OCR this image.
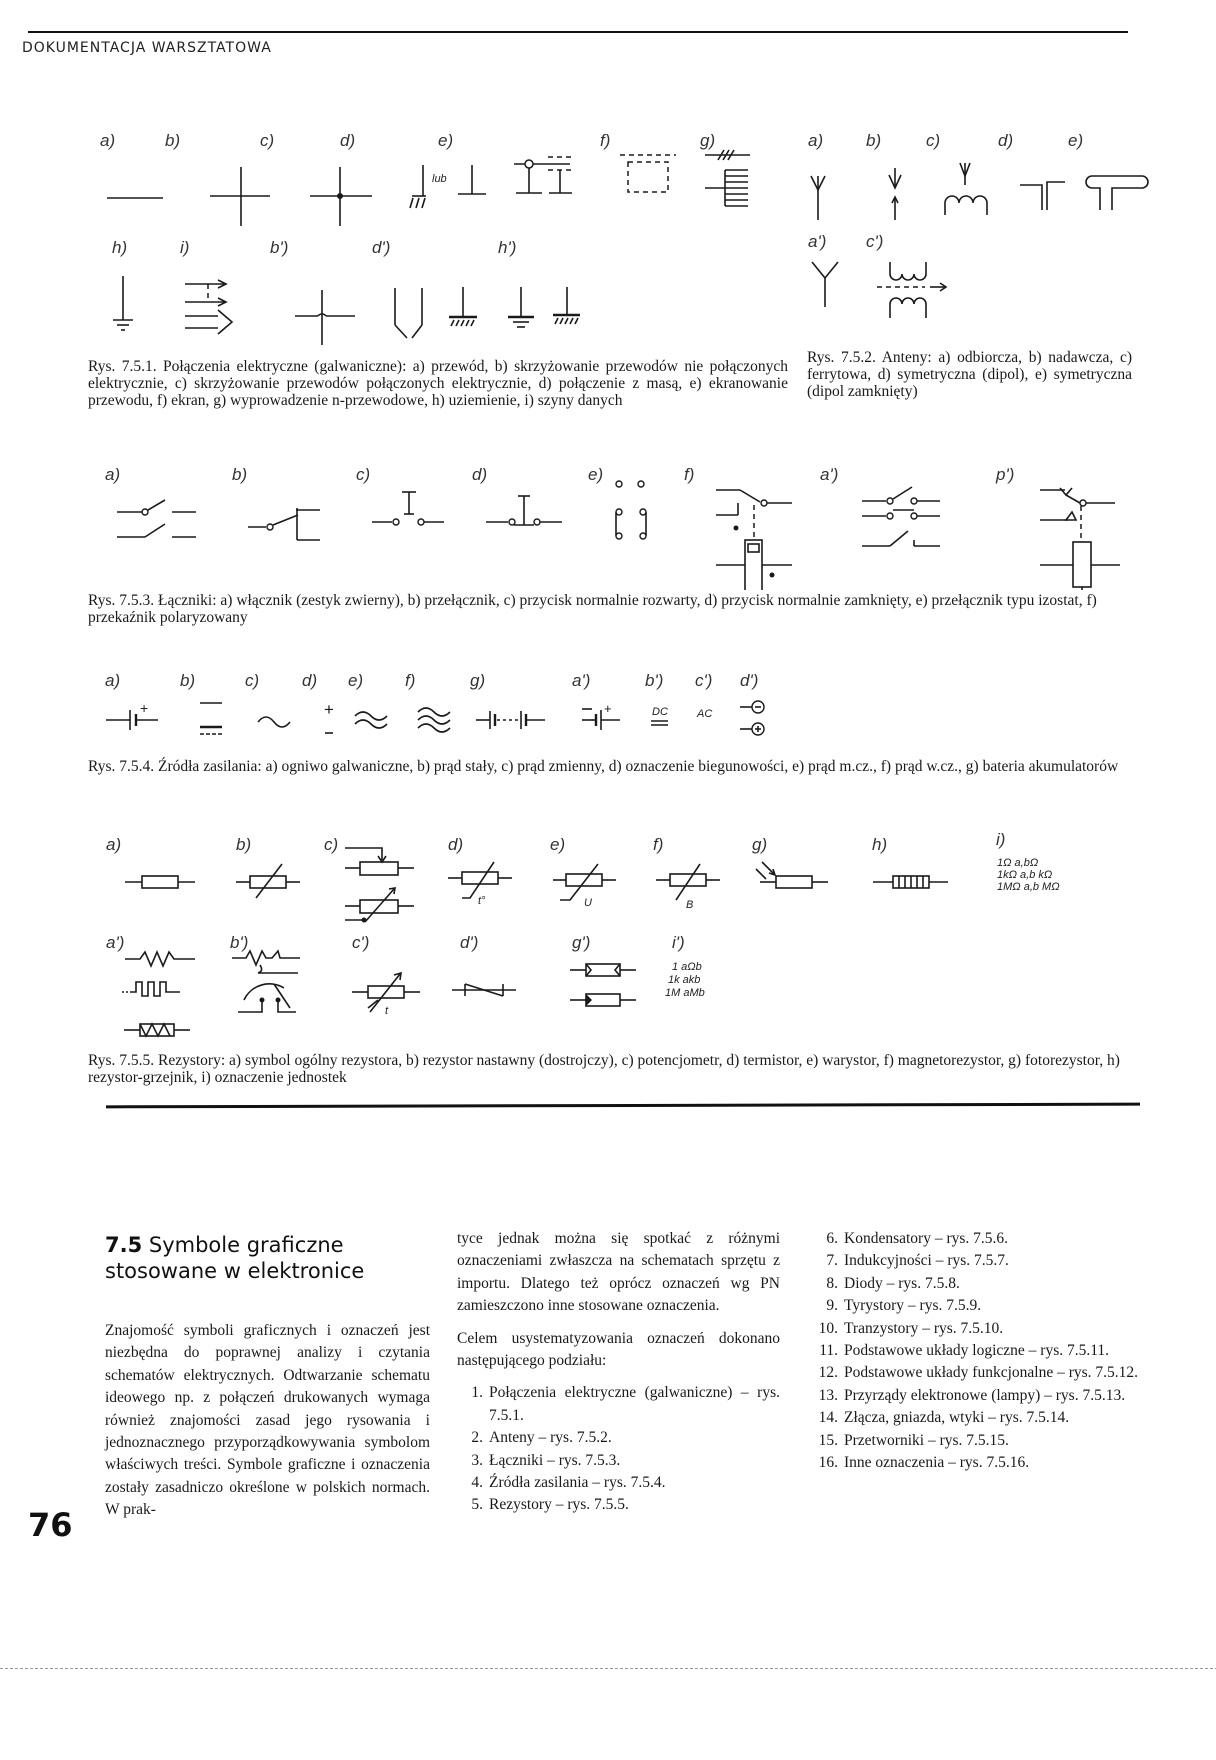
DOKUMENTACJA WARSZTATOWA
a)	b)	c)	d)	e)	f)	g)
lub
h)	i)	b')	d')	h')
a)	b)	c)	d)	e)
a') c')
Rys. 7.5.1. Połączenia elektryczne (galwaniczne): a) przewód, b) skrzyżowanie przewodów nie połączonych elektrycznie, c) skrzyżowanie przewodów połączonych elektrycznie, d) połączenie z masą, e) ekranowanie przewodu, f) ekran, g) wyprowadzenie n-przewodowe, h) uziemienie, i) szyny danych
Rys. 7.5.2. Anteny: a) odbiorcza, b) nadawcza, c) ferrytowa, d) symetryczna (dipol), e) symetryczna (dipol zamknięty)
a)	b)	c)	d)	e)	f)	a')	p')
Rys. 7.5.3. Łączniki: a) włącznik (zestyk zwierny), b) przełącznik, c) przycisk normalnie rozwarty, d) przycisk normalnie zamknięty, e) przełącznik typu izostat, f) przekaźnik polaryzowany
a)	b)	c)	d) e) f)	g)	a')	b') c') d')
+	+	+	DC	AC
Rys. 7.5.4. Źródła zasilania: a) ogniwo galwaniczne, b) prąd stały, c) prąd zmienny, d) oznaczenie biegunowości, e) prąd m.cz., f) prąd w.cz., g) bateria akumulatorów
a)	b)	c)	d)	e)	f)	g)	h)	i)
t°	U	B
1Ω a,bΩ
1kΩ a,b kΩ
1MΩ a,b MΩ
a')	b')	c')	d')	g')	i')
t
1 aΩb
1k akb
1M aMb
Rys. 7.5.5. Rezystory: a) symbol ogólny rezystora, b) rezystor nastawny (dostrojczy), c) potencjometr, d) termistor, e) warystor, f) magnetorezystor, g) fotorezystor, h) rezystor-grzejnik, i) oznaczenie jednostek
7.5 Symbole graficzne stosowane w elektronice
Znajomość symboli graficznych i oznaczeń jest niezbędna do poprawnej analizy i czytania schematów elektrycznych. Odtwarzanie schematu ideowego np. z połączeń drukowanych wymaga również znajomości zasad jego rysowania i jednoznacznego przyporządkowywania symbolom właściwych treści. Symbole graficzne i oznaczenia zostały zasadniczo określone w polskich normach. W prak-

tyce jednak można się spotkać z różnymi oznaczeniami zwłaszcza na schematach sprzętu z importu. Dlatego też oprócz oznaczeń wg PN zamieszczono inne stosowane oznaczenia.

Celem usystematyzowania oznaczeń dokonano następującego podziału:

1. Połączenia elektryczne (galwaniczne) – rys. 7.5.1.
2. Anteny – rys. 7.5.2.
3. Łączniki – rys. 7.5.3.
4. Źródła zasilania – rys. 7.5.4.
5. Rezystory – rys. 7.5.5.
6. Kondensatory – rys. 7.5.6.
7. Indukcyjności – rys. 7.5.7.
8. Diody – rys. 7.5.8.
9. Tyrystory – rys. 7.5.9.
10. Tranzystory – rys. 7.5.10.
11. Podstawowe układy logiczne – rys. 7.5.11.
12. Podstawowe układy funkcjonalne – rys. 7.5.12.
13. Przyrządy elektronowe (lampy) – rys. 7.5.13.
14. Złącza, gniazda, wtyki – rys. 7.5.14.
15. Przetworniki – rys. 7.5.15.
16. Inne oznaczenia – rys. 7.5.16.
76
